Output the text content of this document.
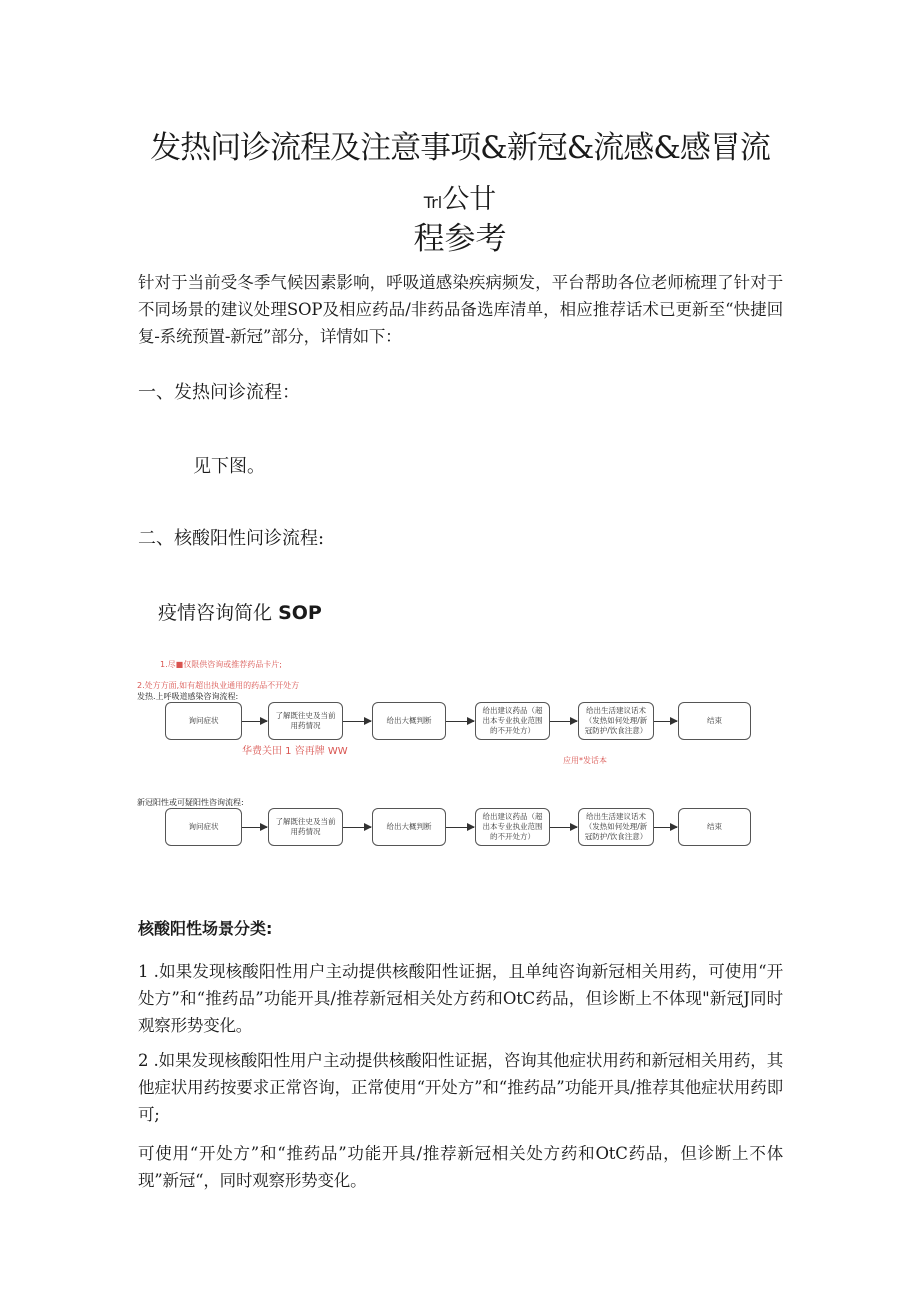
发热问诊流程及注意事项&新冠&流感&感冒流
Trl公廿
程参考
针对于当前受冬季气候因素影响，呼吸道感染疾病频发，平台帮助各位老师梳理了针对于不同场景的建议处理SOP及相应药品/非药品备选库清单，相应推荐话术已更新至“快捷回复-系统预置-新冠”部分，详情如下：
一、发热问诊流程：
见下图。
二、核酸阳性问诊流程:
疫情咨询简化 SOP
1.尽■仅限供咨询或推荐药品卡片;
2.处方方面,如有超出执业通用的药品不开处方
发热.上呼吸道感染咨询流程:
询问症状
了解既往史及当前用药情况
给出大概判断
给出建议药品（超出本专业执业范围的不开处方）
给出生活建议话术（发热如何处理/新冠防护/饮食注意）
结束
华费关田 1 咨再牌 WW
应用*发话本
新冠阳性或可疑阳性咨询流程:
询问症状
了解既往史及当前用药情况
给出大概判断
给出建议药品（超出本专业执业范围的不开处方）
给出生活建议话术（发热如何处理/新冠防护/饮食注意）
结束
核酸阳性场景分类:
1 .如果发现核酸阳性用户主动提供核酸阳性证据，且单纯咨询新冠相关用药，可使用“开处方”和“推药品”功能开具/推荐新冠相关处方药和OtC药品，但诊断上不体现"新冠J同时观察形势变化。
2 .如果发现核酸阳性用户主动提供核酸阳性证据，咨询其他症状用药和新冠相关用药，其他症状用药按要求正常咨询，正常使用“开处方”和“推药品”功能开具/推荐其他症状用药即可;
可使用“开处方”和“推药品”功能开具/推荐新冠相关处方药和OtC药品，但诊断上不体现”新冠“，同时观察形势变化。
